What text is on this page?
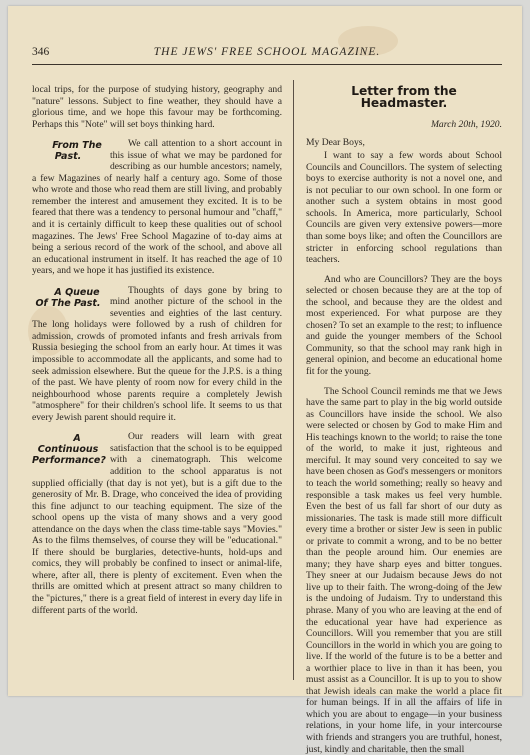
346	THE JEWS' FREE SCHOOL MAGAZINE.

local trips, for the purpose of studying history, geography and "nature" lessons. Subject to fine weather, they should have a glorious time, and we hope this favour may be forthcoming. Perhaps this "Note" will set boys thinking hard.

From The Past.
We call attention to a short account in this issue of what we may be pardoned for describing as our humble ancestors; namely, a few Magazines of nearly half a century ago. Some of those who wrote and those who read them are still living, and probably remember the interest and amusement they excited. It is to be feared that there was a tendency to personal humour and "chaff," and it is certainly difficult to keep these qualities out of school magazines. The Jews' Free School Magazine of to-day aims at being a serious record of the work of the school, and above all an educational instrument in itself. It has reached the age of 10 years, and we hope it has justified its existence.

A Queue Of The Past.
Thoughts of days gone by bring to mind another picture of the school in the seventies and eighties of the last century. The long holidays were followed by a rush of children for admission, crowds of promoted infants and fresh arrivals from Russia besieging the school from an early hour. At times it was impossible to accommodate all the applicants, and some had to seek admission elsewhere. But the queue for the J.P.S. is a thing of the past. We have plenty of room now for every child in the neighbourhood whose parents require a completely Jewish "atmosphere" for their children's school life. It seems to us that every Jewish parent should require it.

A Continuous Performance?
Our readers will learn with great satisfaction that the school is to be equipped with a cinematograph. This welcome addition to the school apparatus is not supplied officially (that day is not yet), but is a gift due to the generosity of Mr. B. Drage, who conceived the idea of providing this fine adjunct to our teaching equipment. The size of the school opens up the vista of many shows and a very good attendance on the days when the class time-table says "Movies." As to the films themselves, of course they will be "educational." If there should be burglaries, detective-hunts, hold-ups and comics, they will probably be confined to insect or animal-life, where, after all, there is plenty of excitement. Even when the thrills are omitted which at present attract so many children to the "pictures," there is a great field of interest in every day life in different parts of the world.

Letter from the Headmaster.
March 20th, 1920.
My Dear Boys,

I want to say a few words about School Councils and Councillors. The system of selecting boys to exercise authority is not a novel one, and is not peculiar to our own school. In one form or another such a system obtains in most good schools. In America, more particularly, School Councils are given very extensive powers—more than some boys like; and often the Councillors are stricter in enforcing school regulations than teachers.

And who are Councillors? They are the boys selected or chosen because they are at the top of the school, and because they are the oldest and most experienced. For what purpose are they chosen? To set an example to the rest; to influence and guide the younger members of the School Community, so that the school may rank high in general opinion, and become an educational home fit for the young.

The School Council reminds me that we Jews have the same part to play in the big world outside as Councillors have inside the school. We also were selected or chosen by God to make Him and His teachings known to the world; to raise the tone of the world, to make it just, righteous and merciful. It may sound very conceited to say we have been chosen as God's messengers or monitors to teach the world something; really so heavy and responsible a task makes us feel very humble. Even the best of us fall far short of our duty as missionaries. The task is made still more difficult every time a brother or sister Jew is seen in public or private to commit a wrong, and to be no better than the people around him. Our enemies are many; they have sharp eyes and bitter tongues. They sneer at our Judaism because Jews do not live up to their faith. The wrong-doing of the Jew is the undoing of Judaism. Try to understand this phrase. Many of you who are leaving at the end of the educational year have had experience as Councillors. Will you remember that you are still Councillors in the world in which you are going to live. If the world of the future is to be a better and a worthier place to live in than it has been, you must assist as a Councillor. It is up to you to show that Jewish ideals can make the world a place fit for human beings. If in all the affairs of life in which you are about to engage—in your business relations, in your home life, in your intercourse with friends and strangers you are truthful, honest, just, kindly and charitable, then the small
